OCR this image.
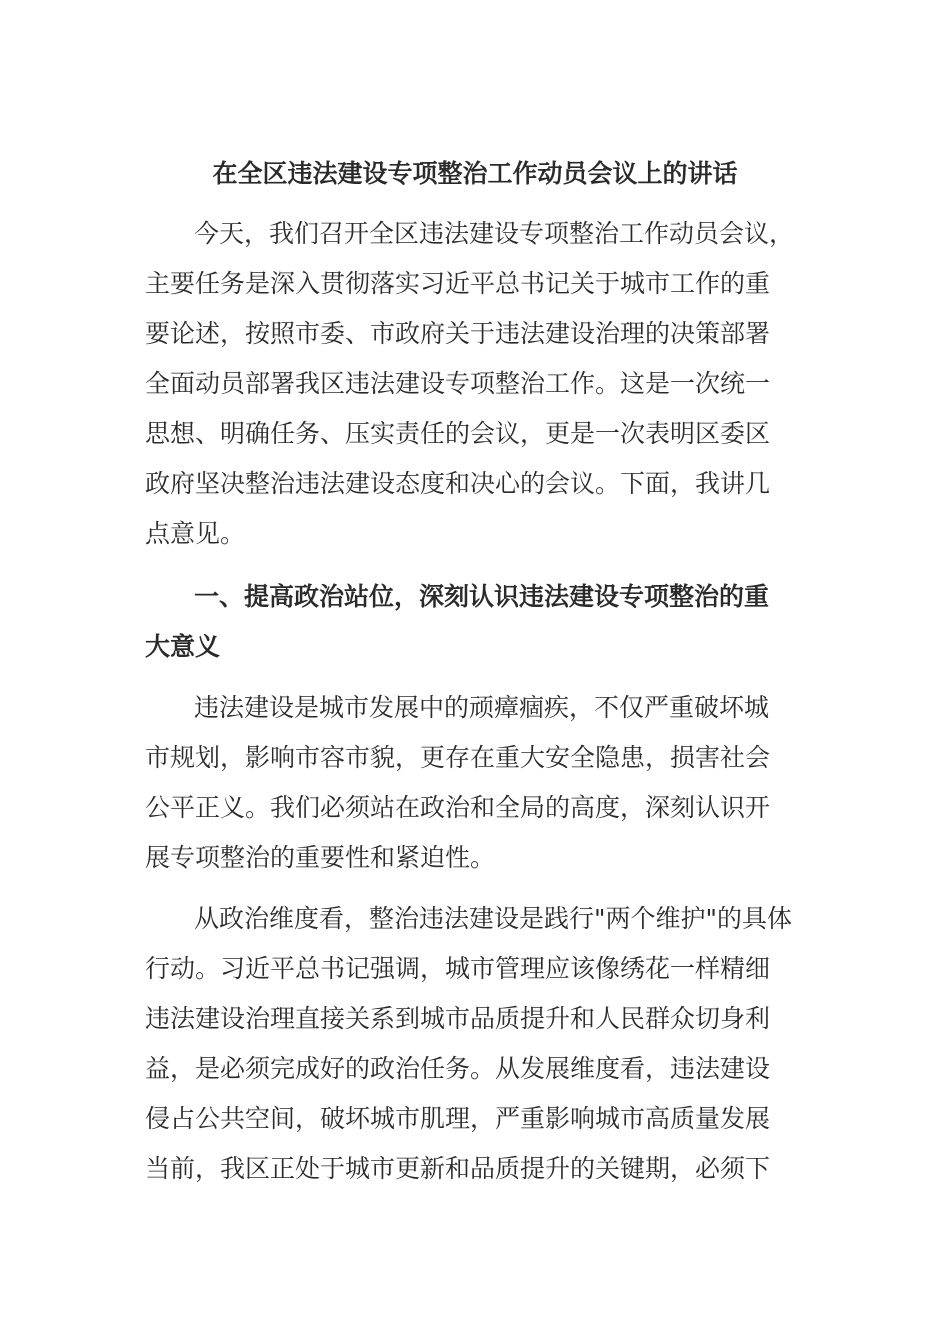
在全区违法建设专项整治工作动员会议上的讲话

今天，我们召开全区违法建设专项整治工作动员会议，

主要任务是深入贯彻落实习近平总书记关于城市工作的重

要论述，按照市委、市政府关于违法建设治理的决策部署

全面动员部署我区违法建设专项整治工作。这是一次统一

思想、明确任务、压实责任的会议，更是一次表明区委区

政府坚决整治违法建设态度和决心的会议。下面，我讲几

点意见。

一、提高政治站位，深刻认识违法建设专项整治的重

大意义

违法建设是城市发展中的顽瘴痼疾，不仅严重破坏城

市规划，影响市容市貌，更存在重大安全隐患，损害社会

公平正义。我们必须站在政治和全局的高度，深刻认识开

展专项整治的重要性和紧迫性。

从政治维度看，整治违法建设是践行"两个维护"的具体

行动。习近平总书记强调，城市管理应该像绣花一样精细

违法建设治理直接关系到城市品质提升和人民群众切身利

益，是必须完成好的政治任务。从发展维度看，违法建设

侵占公共空间，破坏城市肌理，严重影响城市高质量发展

当前，我区正处于城市更新和品质提升的关键期，必须下
